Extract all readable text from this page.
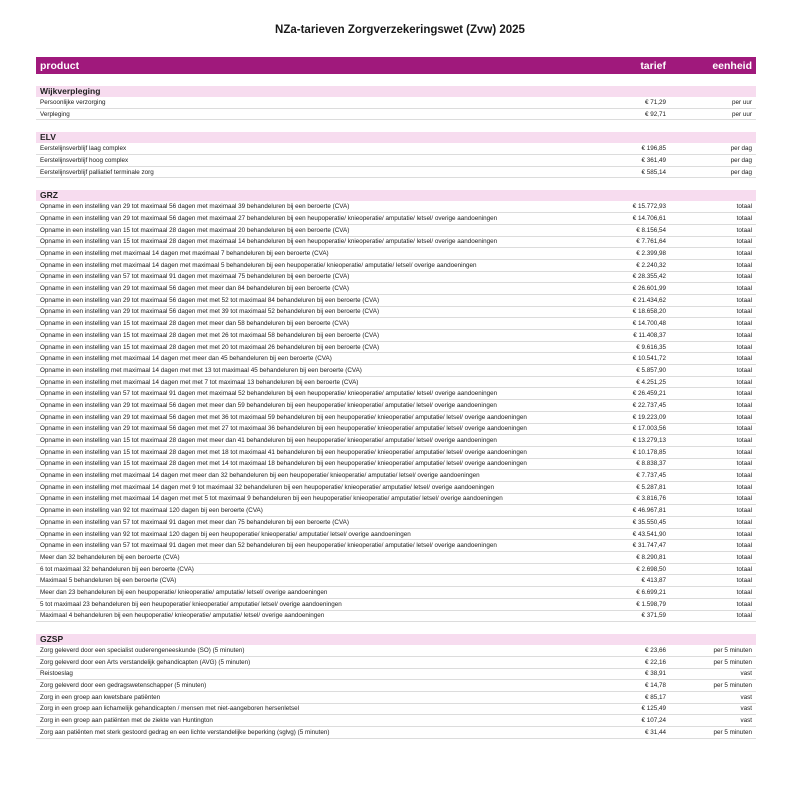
NZa-tarieven Zorgverzekeringswet (Zvw) 2025
product	tarief	eenheid
Wijkverpleging
Persoonlijke verzorging	€ 71,29	per uur
Verpleging	€ 92,71	per uur
ELV
Eerstelijnsverblijf laag complex	€ 196,85	per dag
Eerstelijnsverblijf hoog complex	€ 361,49	per dag
Eerstelijnsverblijf palliatief terminale zorg	€ 585,14	per dag
GRZ
Opname in een instelling van 29 tot maximaal 56 dagen met maximaal 39 behandeluren bij een beroerte (CVA)	€ 15.772,93	totaal
Opname in een instelling van 29 tot maximaal 56 dagen met maximaal 27 behandeluren bij een heupoperatie/ knieoperatie/ amputatie/ letsel/ overige aandoeningen	€ 14.706,61	totaal
Opname in een instelling van 15 tot maximaal 28 dagen met maximaal 20 behandeluren bij een beroerte (CVA)	€ 8.156,54	totaal
Opname in een instelling van 15 tot maximaal 28 dagen met maximaal 14 behandeluren bij een heupoperatie/ knieoperatie/ amputatie/ letsel/ overige aandoeningen	€ 7.761,64	totaal
Opname in een instelling met maximaal 14 dagen met maximaal 7 behandeluren bij een beroerte (CVA)	€ 2.399,98	totaal
Opname in een instelling met maximaal 14 dagen met maximaal 5 behandeluren bij een heupoperatie/ knieoperatie/ amputatie/ letsel/ overige aandoeningen	€ 2.240,32	totaal
Opname in een instelling van 57 tot maximaal 91 dagen met maximaal 75 behandeluren bij een beroerte (CVA)	€ 28.355,42	totaal
Opname in een instelling van 29 tot maximaal 56 dagen met meer dan 84 behandeluren bij een beroerte (CVA)	€ 26.601,99	totaal
Opname in een instelling van 29 tot maximaal 56 dagen met met 52 tot maximaal 84 behandeluren bij een beroerte (CVA)	€ 21.434,62	totaal
Opname in een instelling van 29 tot maximaal 56 dagen met met 39 tot maximaal 52 behandeluren bij een beroerte (CVA)	€ 18.658,20	totaal
Opname in een instelling van 15 tot maximaal 28 dagen met meer dan 58 behandeluren bij een beroerte (CVA)	€ 14.700,48	totaal
Opname in een instelling van 15 tot maximaal 28 dagen met met 26 tot maximaal 58 behandeluren bij een beroerte (CVA)	€ 11.408,37	totaal
Opname in een instelling van 15 tot maximaal 28 dagen met met 20 tot maximaal 26 behandeluren bij een beroerte (CVA)	€ 9.616,35	totaal
Opname in een instelling met maximaal 14 dagen met meer dan 45 behandeluren bij een beroerte (CVA)	€ 10.541,72	totaal
Opname in een instelling met maximaal 14 dagen met met 13 tot maximaal 45 behandeluren bij een beroerte (CVA)	€ 5.857,90	totaal
Opname in een instelling met maximaal 14 dagen met met 7 tot maximaal 13 behandeluren bij een beroerte (CVA)	€ 4.251,25	totaal
Opname in een instelling van 57 tot maximaal 91 dagen met maximaal 52 behandeluren bij een heupoperatie/ knieoperatie/ amputatie/ letsel/ overige aandoeningen	€ 26.459,21	totaal
Opname in een instelling van 29 tot maximaal 56 dagen met meer dan 59 behandeluren bij een heupoperatie/ knieoperatie/ amputatie/ letsel/ overige aandoeningen	€ 22.737,45	totaal
Opname in een instelling van 29 tot maximaal 56 dagen met met 36 tot maximaal 59 behandeluren bij een heupoperatie/ knieoperatie/ amputatie/ letsel/ overige aandoeningen	€ 19.223,09	totaal
Opname in een instelling van 29 tot maximaal 56 dagen met met 27 tot maximaal 36 behandeluren bij een heupoperatie/ knieoperatie/ amputatie/ letsel/ overige aandoeningen	€ 17.003,56	totaal
Opname in een instelling van 15 tot maximaal 28 dagen met meer dan 41 behandeluren bij een heupoperatie/ knieoperatie/ amputatie/ letsel/ overige aandoeningen	€ 13.279,13	totaal
Opname in een instelling van 15 tot maximaal 28 dagen met met 18 tot maximaal 41 behandeluren bij een heupoperatie/ knieoperatie/ amputatie/ letsel/ overige aandoeningen	€ 10.178,85	totaal
Opname in een instelling van 15 tot maximaal 28 dagen met met 14 tot maximaal 18 behandeluren bij een heupoperatie/ knieoperatie/ amputatie/ letsel/ overige aandoeningen	€ 8.838,37	totaal
Opname in een instelling met maximaal 14 dagen met meer dan 32 behandeluren bij een heupoperatie/ knieoperatie/ amputatie/ letsel/ overige aandoeningen	€ 7.737,45	totaal
Opname in een instelling met maximaal 14 dagen met 9 tot maximaal 32 behandeluren bij een heupoperatie/ knieoperatie/ amputatie/ letsel/ overige aandoeningen	€ 5.287,81	totaal
Opname in een instelling met maximaal 14 dagen met met 5 tot maximaal 9 behandeluren bij een heupoperatie/ knieoperatie/ amputatie/ letsel/ overige aandoeningen	€ 3.816,76	totaal
Opname in een instelling van 92 tot maximaal 120 dagen bij een beroerte (CVA)	€ 46.967,81	totaal
Opname in een instelling van 57 tot maximaal 91 dagen met meer dan 75 behandeluren bij een beroerte (CVA)	€ 35.550,45	totaal
Opname in een instelling van 92 tot maximaal 120 dagen bij een heupoperatie/ knieoperatie/ amputatie/ letsel/ overige aandoeningen	€ 43.541,90	totaal
Opname in een instelling van 57 tot maximaal 91 dagen met meer dan 52 behandeluren bij een heupoperatie/ knieoperatie/ amputatie/ letsel/ overige aandoeningen	€ 31.747,47	totaal
Meer dan 32 behandeluren bij een beroerte (CVA)	€ 8.290,81	totaal
6 tot maximaal 32 behandeluren bij een beroerte (CVA)	€ 2.698,50	totaal
Maximaal 5 behandeluren bij een beroerte (CVA)	€ 413,87	totaal
Meer dan 23 behandeluren bij een heupoperatie/ knieoperatie/ amputatie/ letsel/ overige aandoeningen	€ 6.699,21	totaal
5 tot maximaal 23 behandeluren bij een heupoperatie/ knieoperatie/ amputatie/ letsel/ overige aandoeningen	€ 1.598,79	totaal
Maximaal 4 behandeluren bij een heupoperatie/ knieoperatie/ amputatie/ letsel/ overige aandoeningen	€ 371,59	totaal
GZSP
Zorg geleverd door een specialist ouderengeneeskunde (SO) (5 minuten)	€ 23,66	per 5 minuten
Zorg geleverd door een Arts verstandelijk gehandicapten (AVG) (5 minuten)	€ 22,16	per 5 minuten
Reistoeslag	€ 38,91	vast
Zorg geleverd door een gedragswetenschapper (5 minuten)	€ 14,78	per 5 minuten
Zorg in een groep aan kwetsbare patiënten	€ 85,17	vast
Zorg in een groep aan lichamelijk gehandicapten / mensen met niet-aangeboren hersenletsel	€ 125,49	vast
Zorg in een groep aan patiënten met de ziekte van Huntington	€ 107,24	vast
Zorg aan patiënten met sterk gestoord gedrag en een lichte verstandelijke beperking (sglvg) (5 minuten)	€ 31,44	per 5 minuten
